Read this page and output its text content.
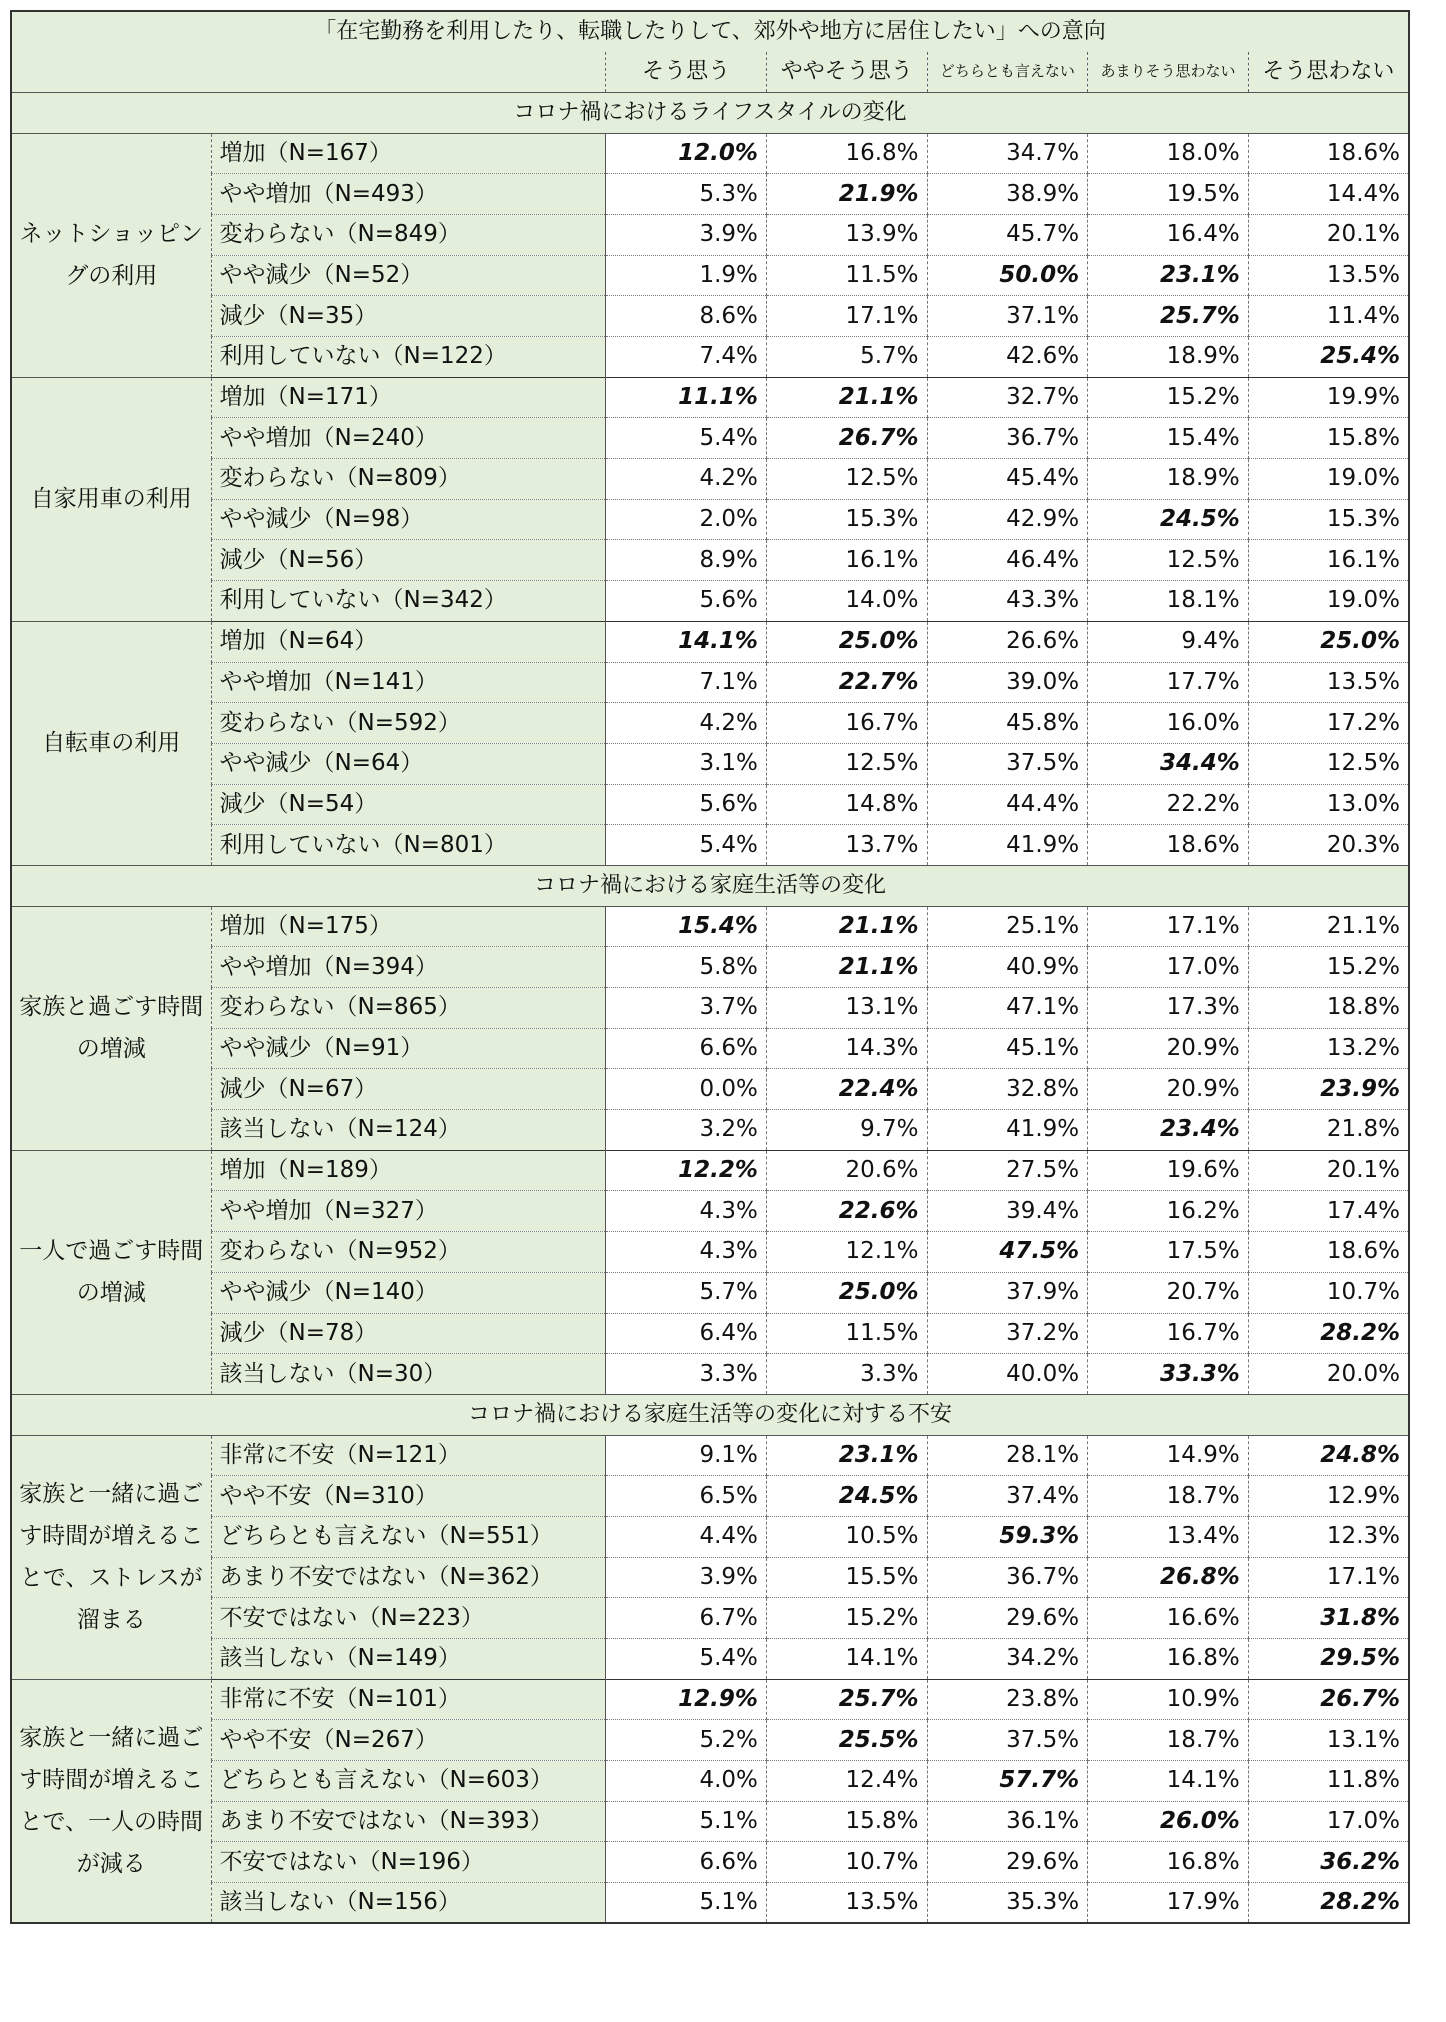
「在宅勤務を利用したり、転職したりして、郊外や地方に居住したい」への意向						
		そう思う	ややそう思う	どちらとも言えない	あまりそう思わない	そう思わない
コロナ禍におけるライフスタイルの変化						
ネットショッピングの利用	増加（N=167）	12.0%	16.8%	34.7%	18.0%	18.6%
	やや増加（N=493）	5.3%	21.9%	38.9%	19.5%	14.4%
	変わらない（N=849）	3.9%	13.9%	45.7%	16.4%	20.1%
	やや減少（N=52）	1.9%	11.5%	50.0%	23.1%	13.5%
	減少（N=35）	8.6%	17.1%	37.1%	25.7%	11.4%
	利用していない（N=122）	7.4%	5.7%	42.6%	18.9%	25.4%
自家用車の利用	増加（N=171）	11.1%	21.1%	32.7%	15.2%	19.9%
	やや増加（N=240）	5.4%	26.7%	36.7%	15.4%	15.8%
	変わらない（N=809）	4.2%	12.5%	45.4%	18.9%	19.0%
	やや減少（N=98）	2.0%	15.3%	42.9%	24.5%	15.3%
	減少（N=56）	8.9%	16.1%	46.4%	12.5%	16.1%
	利用していない（N=342）	5.6%	14.0%	43.3%	18.1%	19.0%
自転車の利用	増加（N=64）	14.1%	25.0%	26.6%	9.4%	25.0%
	やや増加（N=141）	7.1%	22.7%	39.0%	17.7%	13.5%
	変わらない（N=592）	4.2%	16.7%	45.8%	16.0%	17.2%
	やや減少（N=64）	3.1%	12.5%	37.5%	34.4%	12.5%
	減少（N=54）	5.6%	14.8%	44.4%	22.2%	13.0%
	利用していない（N=801）	5.4%	13.7%	41.9%	18.6%	20.3%
コロナ禍における家庭生活等の変化						
家族と過ごす時間の増減	増加（N=175）	15.4%	21.1%	25.1%	17.1%	21.1%
	やや増加（N=394）	5.8%	21.1%	40.9%	17.0%	15.2%
	変わらない（N=865）	3.7%	13.1%	47.1%	17.3%	18.8%
	やや減少（N=91）	6.6%	14.3%	45.1%	20.9%	13.2%
	減少（N=67）	0.0%	22.4%	32.8%	20.9%	23.9%
	該当しない（N=124）	3.2%	9.7%	41.9%	23.4%	21.8%
一人で過ごす時間の増減	増加（N=189）	12.2%	20.6%	27.5%	19.6%	20.1%
	やや増加（N=327）	4.3%	22.6%	39.4%	16.2%	17.4%
	変わらない（N=952）	4.3%	12.1%	47.5%	17.5%	18.6%
	やや減少（N=140）	5.7%	25.0%	37.9%	20.7%	10.7%
	減少（N=78）	6.4%	11.5%	37.2%	16.7%	28.2%
	該当しない（N=30）	3.3%	3.3%	40.0%	33.3%	20.0%
コロナ禍における家庭生活等の変化に対する不安						
家族と一緒に過ごす時間が増えることで、ストレスが溜まる	非常に不安（N=121）	9.1%	23.1%	28.1%	14.9%	24.8%
	やや不安（N=310）	6.5%	24.5%	37.4%	18.7%	12.9%
	どちらとも言えない（N=551）	4.4%	10.5%	59.3%	13.4%	12.3%
	あまり不安ではない（N=362）	3.9%	15.5%	36.7%	26.8%	17.1%
	不安ではない（N=223）	6.7%	15.2%	29.6%	16.6%	31.8%
	該当しない（N=149）	5.4%	14.1%	34.2%	16.8%	29.5%
家族と一緒に過ごす時間が増えることで、一人の時間が減る	非常に不安（N=101）	12.9%	25.7%	23.8%	10.9%	26.7%
	やや不安（N=267）	5.2%	25.5%	37.5%	18.7%	13.1%
	どちらとも言えない（N=603）	4.0%	12.4%	57.7%	14.1%	11.8%
	あまり不安ではない（N=393）	5.1%	15.8%	36.1%	26.0%	17.0%
	不安ではない（N=196）	6.6%	10.7%	29.6%	16.8%	36.2%
	該当しない（N=156）	5.1%	13.5%	35.3%	17.9%	28.2%
